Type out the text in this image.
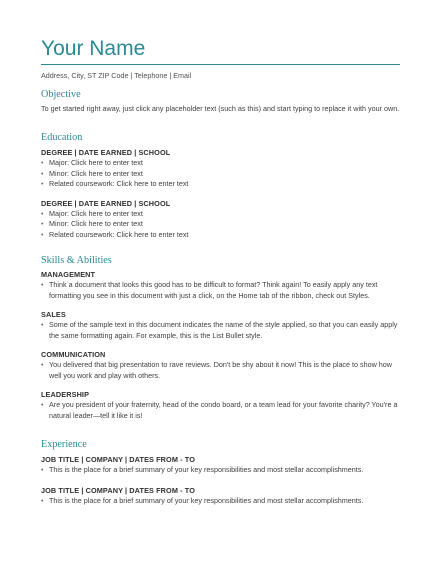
Your Name
Address, City, ST ZIP Code | Telephone | Email
Objective
To get started right away, just click any placeholder text (such as this) and start typing to replace it with your own.
Education
DEGREE | DATE EARNED | SCHOOL
• Major: Click here to enter text
• Minor: Click here to enter text
• Related coursework: Click here to enter text
DEGREE | DATE EARNED | SCHOOL
• Major: Click here to enter text
• Minor: Click here to enter text
• Related coursework: Click here to enter text
Skills & Abilities
MANAGEMENT
• Think a document that looks this good has to be difficult to format? Think again! To easily apply any text formatting you see in this document with just a click, on the Home tab of the ribbon, check out Styles.
SALES
• Some of the sample text in this document indicates the name of the style applied, so that you can easily apply the same formatting again. For example, this is the List Bullet style.
COMMUNICATION
• You delivered that big presentation to rave reviews. Don't be shy about it now! This is the place to show how well you work and play with others.
LEADERSHIP
• Are you president of your fraternity, head of the condo board, or a team lead for your favorite charity? You're a natural leader—tell it like it is!
Experience
JOB TITLE | COMPANY | DATES FROM - TO
• This is the place for a brief summary of your key responsibilities and most stellar accomplishments.
JOB TITLE | COMPANY | DATES FROM - TO
• This is the place for a brief summary of your key responsibilities and most stellar accomplishments.
